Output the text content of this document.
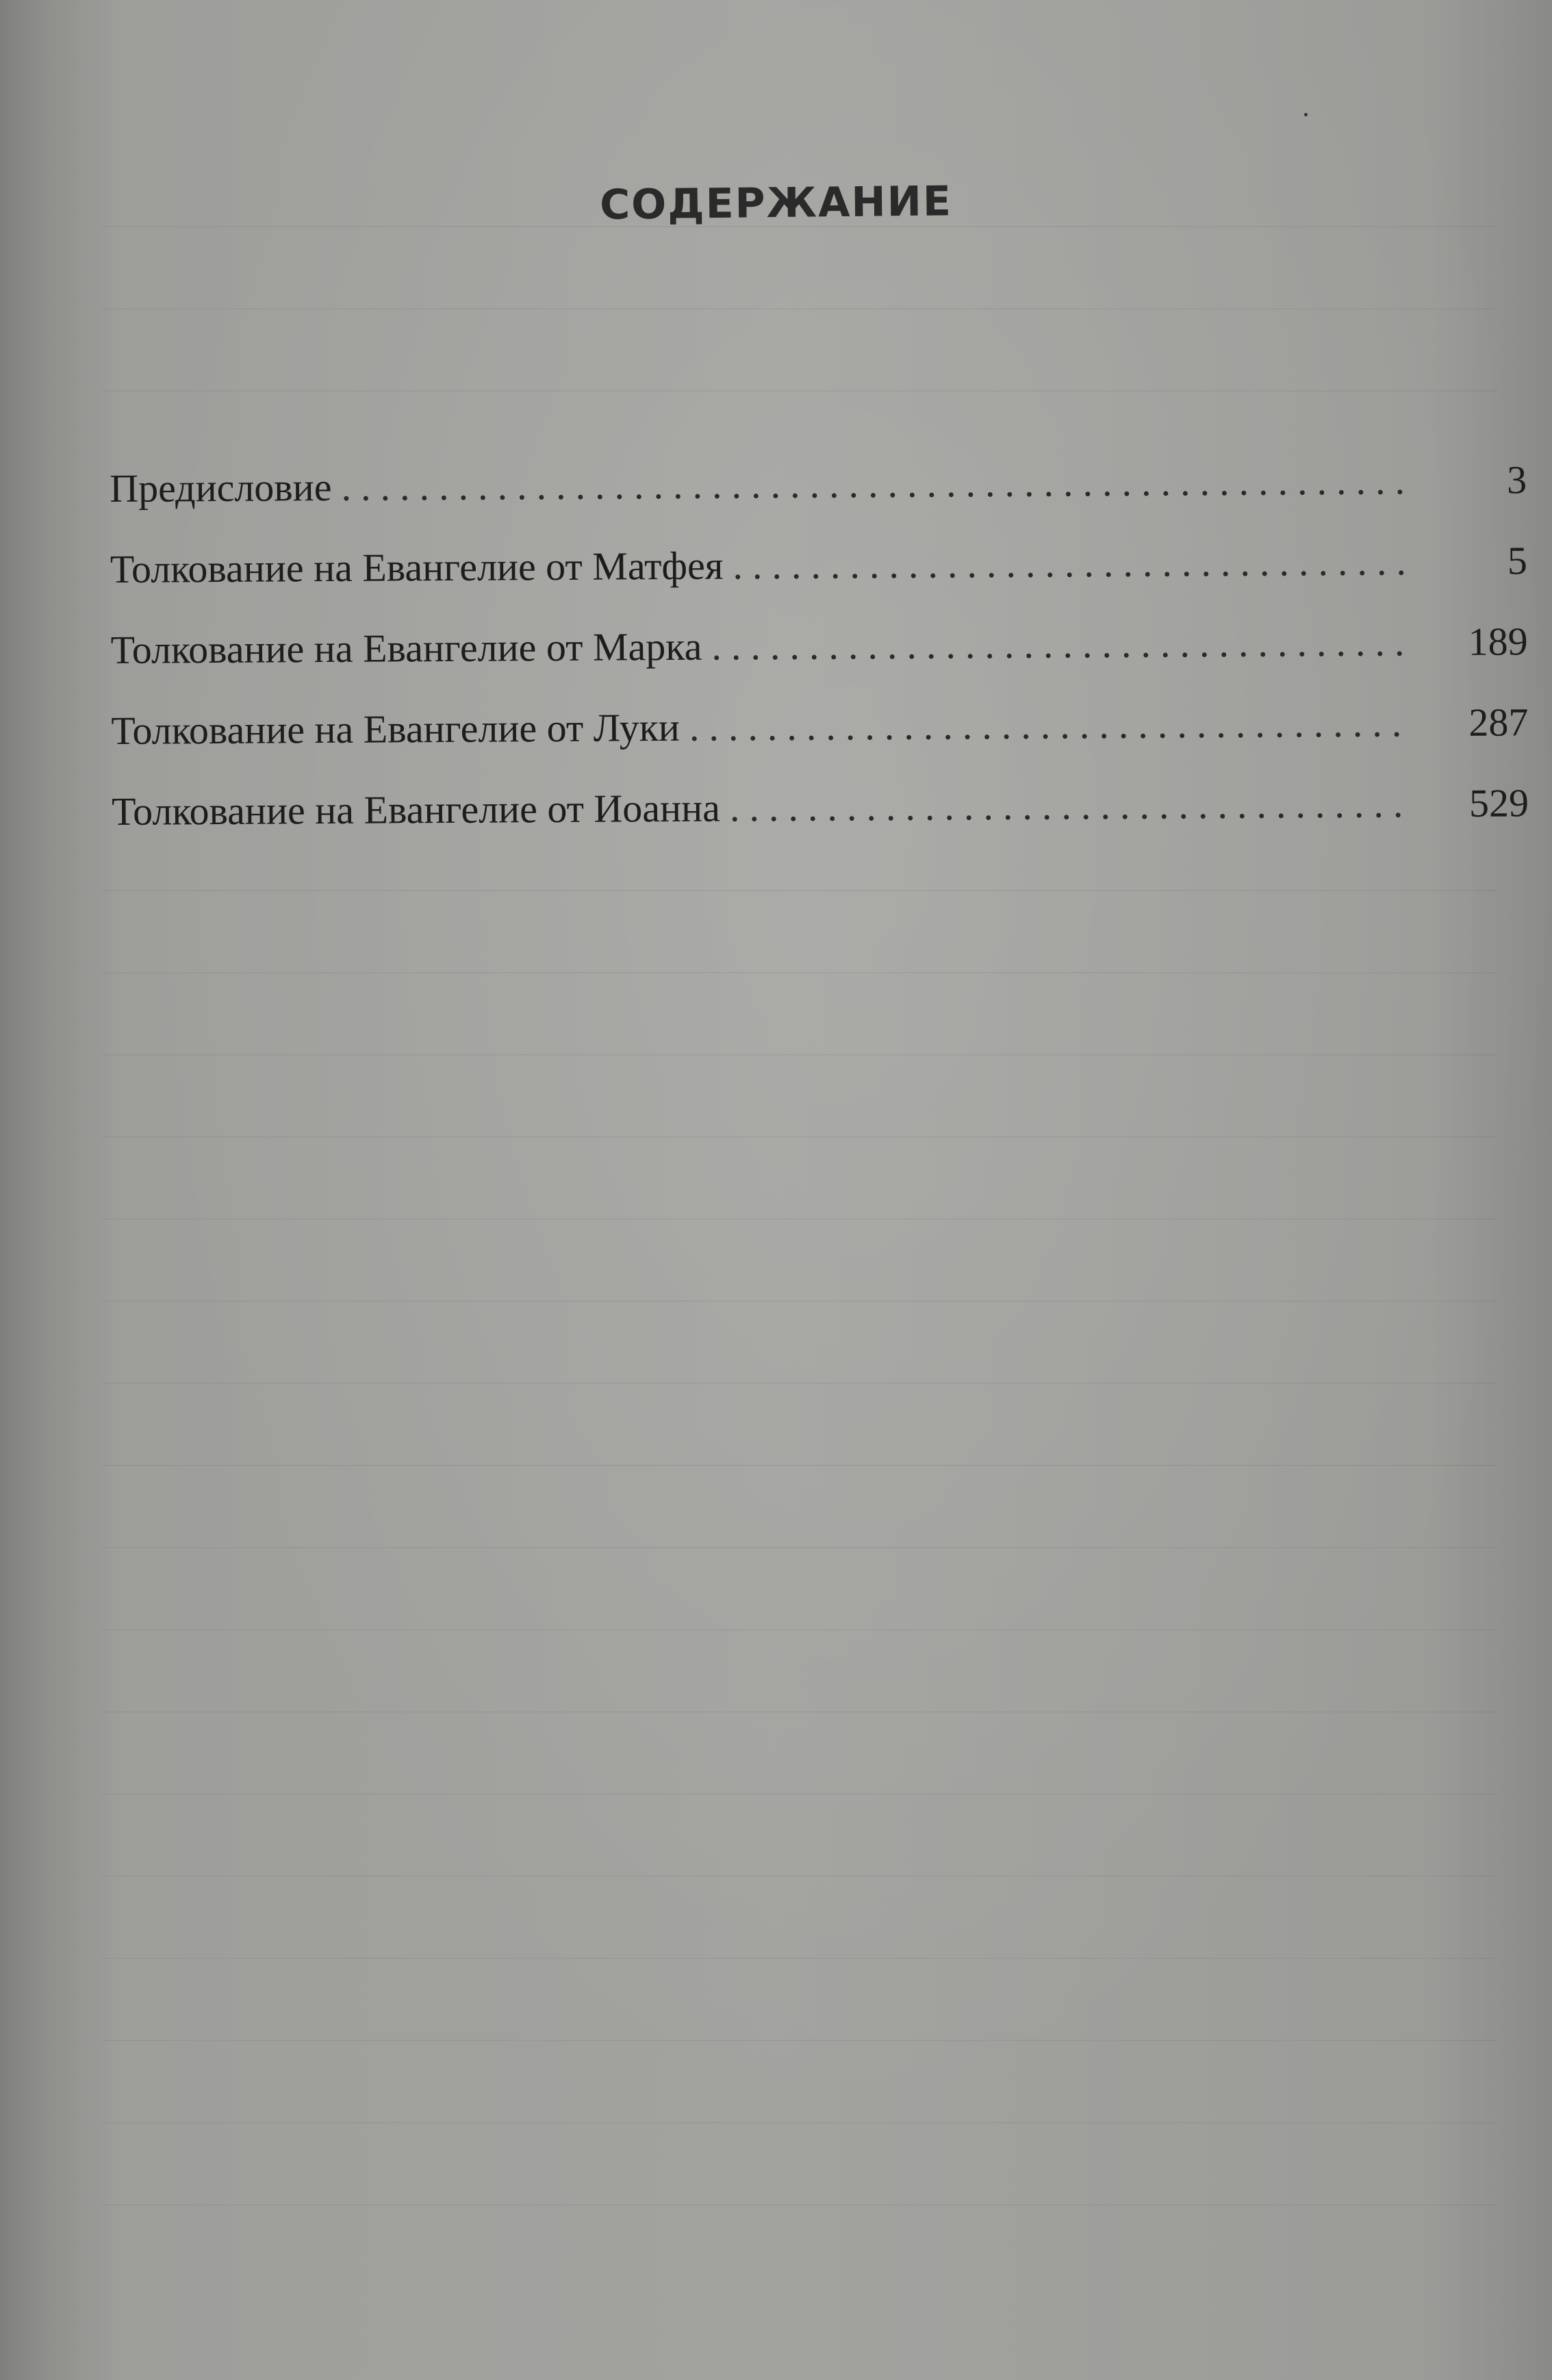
СОДЕРЖАНИЕ
Предисловие .....	3
Толкование на Евангелие от Матфея .....	5
Толкование на Евангелие от Марка .....	189
Толкование на Евангелие от Луки .....	287
Толкование на Евангелие от Иоанна .....	529
